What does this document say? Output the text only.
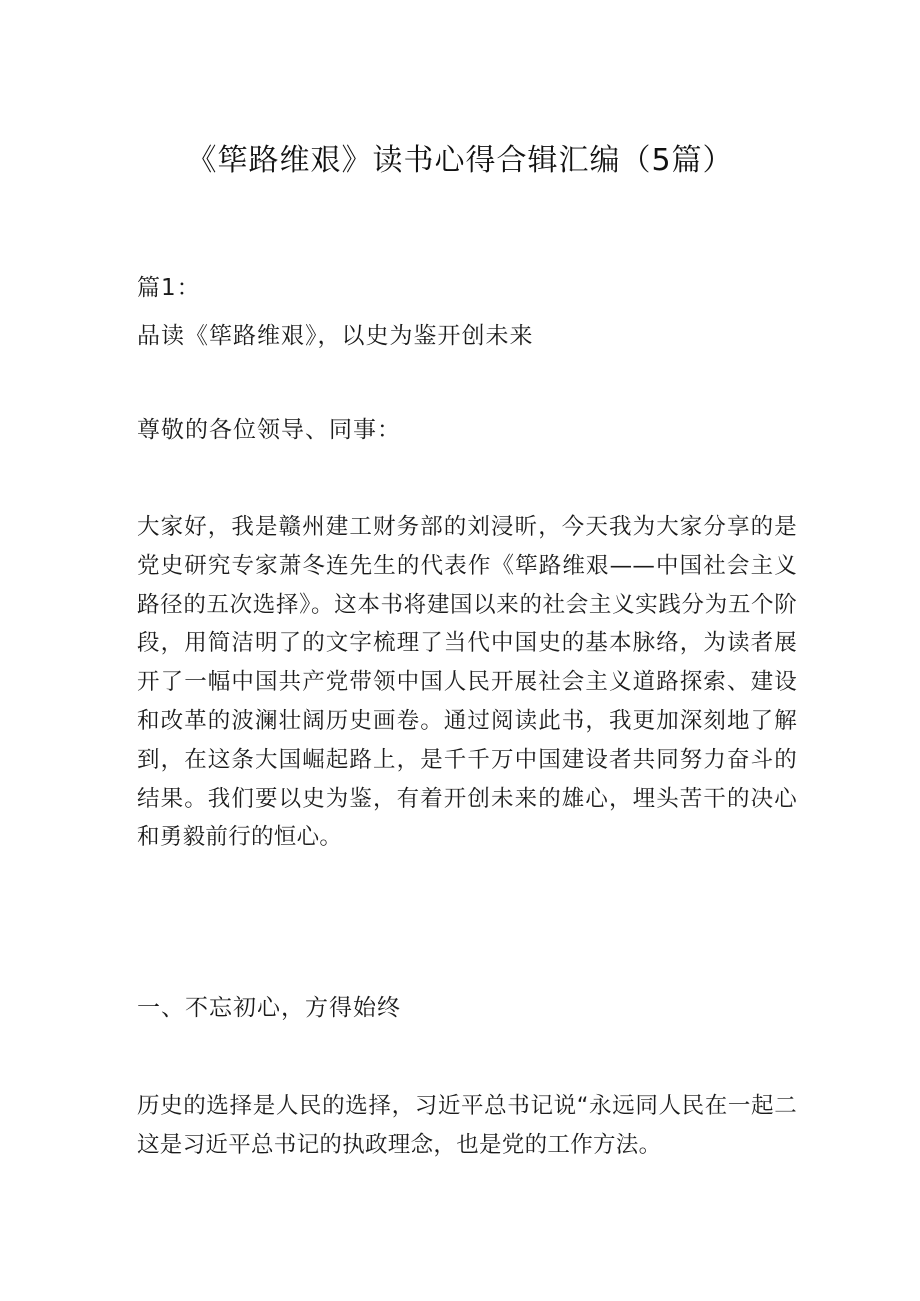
《筚路维艰》读书心得合辑汇编（5篇）
篇1：
品读《筚路维艰》，以史为鉴开创未来
尊敬的各位领导、同事：
大家好，我是赣州建工财务部的刘浸昕，今天我为大家分享的是党史研究专家萧冬连先生的代表作《筚路维艰——中国社会主义路径的五次选择》。这本书将建国以来的社会主义实践分为五个阶段，用简洁明了的文字梳理了当代中国史的基本脉络，为读者展开了一幅中国共产党带领中国人民开展社会主义道路探索、建设和改革的波澜壮阔历史画卷。通过阅读此书，我更加深刻地了解到，在这条大国崛起路上，是千千万中国建设者共同努力奋斗的结果。我们要以史为鉴，有着开创未来的雄心，埋头苦干的决心和勇毅前行的恒心。
一、不忘初心，方得始终
历史的选择是人民的选择，习近平总书记说“永远同人民在一起二这是习近平总书记的执政理念，也是党的工作方法。
